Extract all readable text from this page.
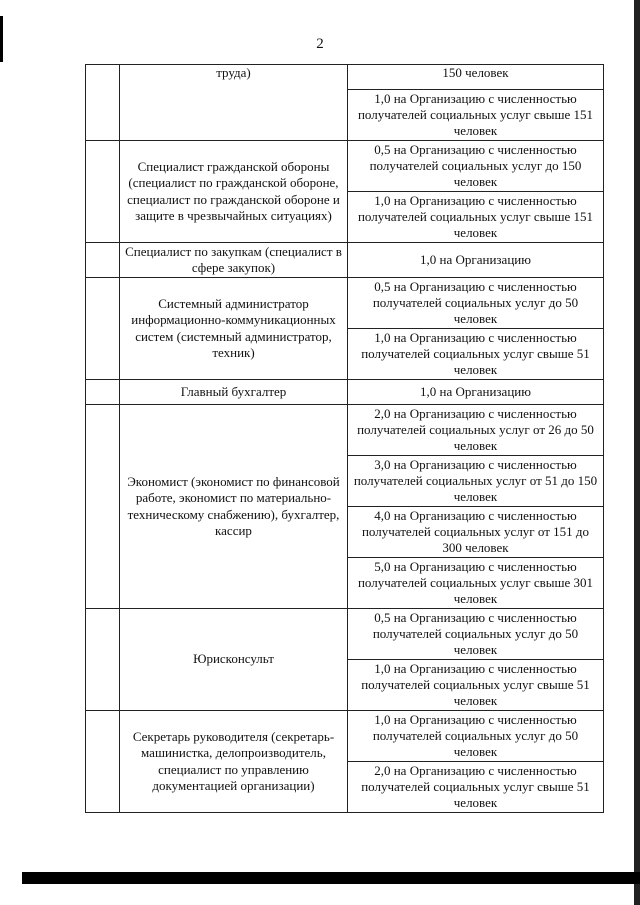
2

	труда)	150 человек

		1,0 на Организацию с численностью получателей социальных услуг свыше 151 человек

	Специалист гражданской обороны (специалист по гражданской обороне, специалист по гражданской обороне и защите в чрезвычайных ситуациях)	0,5 на Организацию с численностью получателей социальных услуг до 150 человек

		1,0 на Организацию с численностью получателей социальных услуг свыше 151 человек

	Специалист по закупкам (специалист в сфере закупок)	1,0 на Организацию

	Системный администратор информационно-коммуникационных систем (системный администратор, техник)	0,5 на Организацию с численностью получателей социальных услуг до 50 человек

		1,0 на Организацию с численностью получателей социальных услуг свыше 51 человек

	Главный бухгалтер	1,0 на Организацию

	Экономист (экономист по финансовой работе, экономист по материально-техническому снабжению), бухгалтер, кассир	2,0 на Организацию с численностью получателей социальных услуг от 26 до 50 человек

		3,0 на Организацию с численностью получателей социальных услуг от 51 до 150 человек

		4,0 на Организацию с численностью получателей социальных услуг от 151 до 300 человек

		5,0 на Организацию с численностью получателей социальных услуг свыше 301 человек

	Юрисконсульт	0,5 на Организацию с численностью получателей социальных услуг до 50 человек

		1,0 на Организацию с численностью получателей социальных услуг свыше 51 человек

	Секретарь руководителя (секретарь-машинистка, делопроизводитель, специалист по управлению документацией организации)	1,0 на Организацию с численностью получателей социальных услуг до 50 человек

		2,0 на Организацию с численностью получателей социальных услуг свыше 51 человек
